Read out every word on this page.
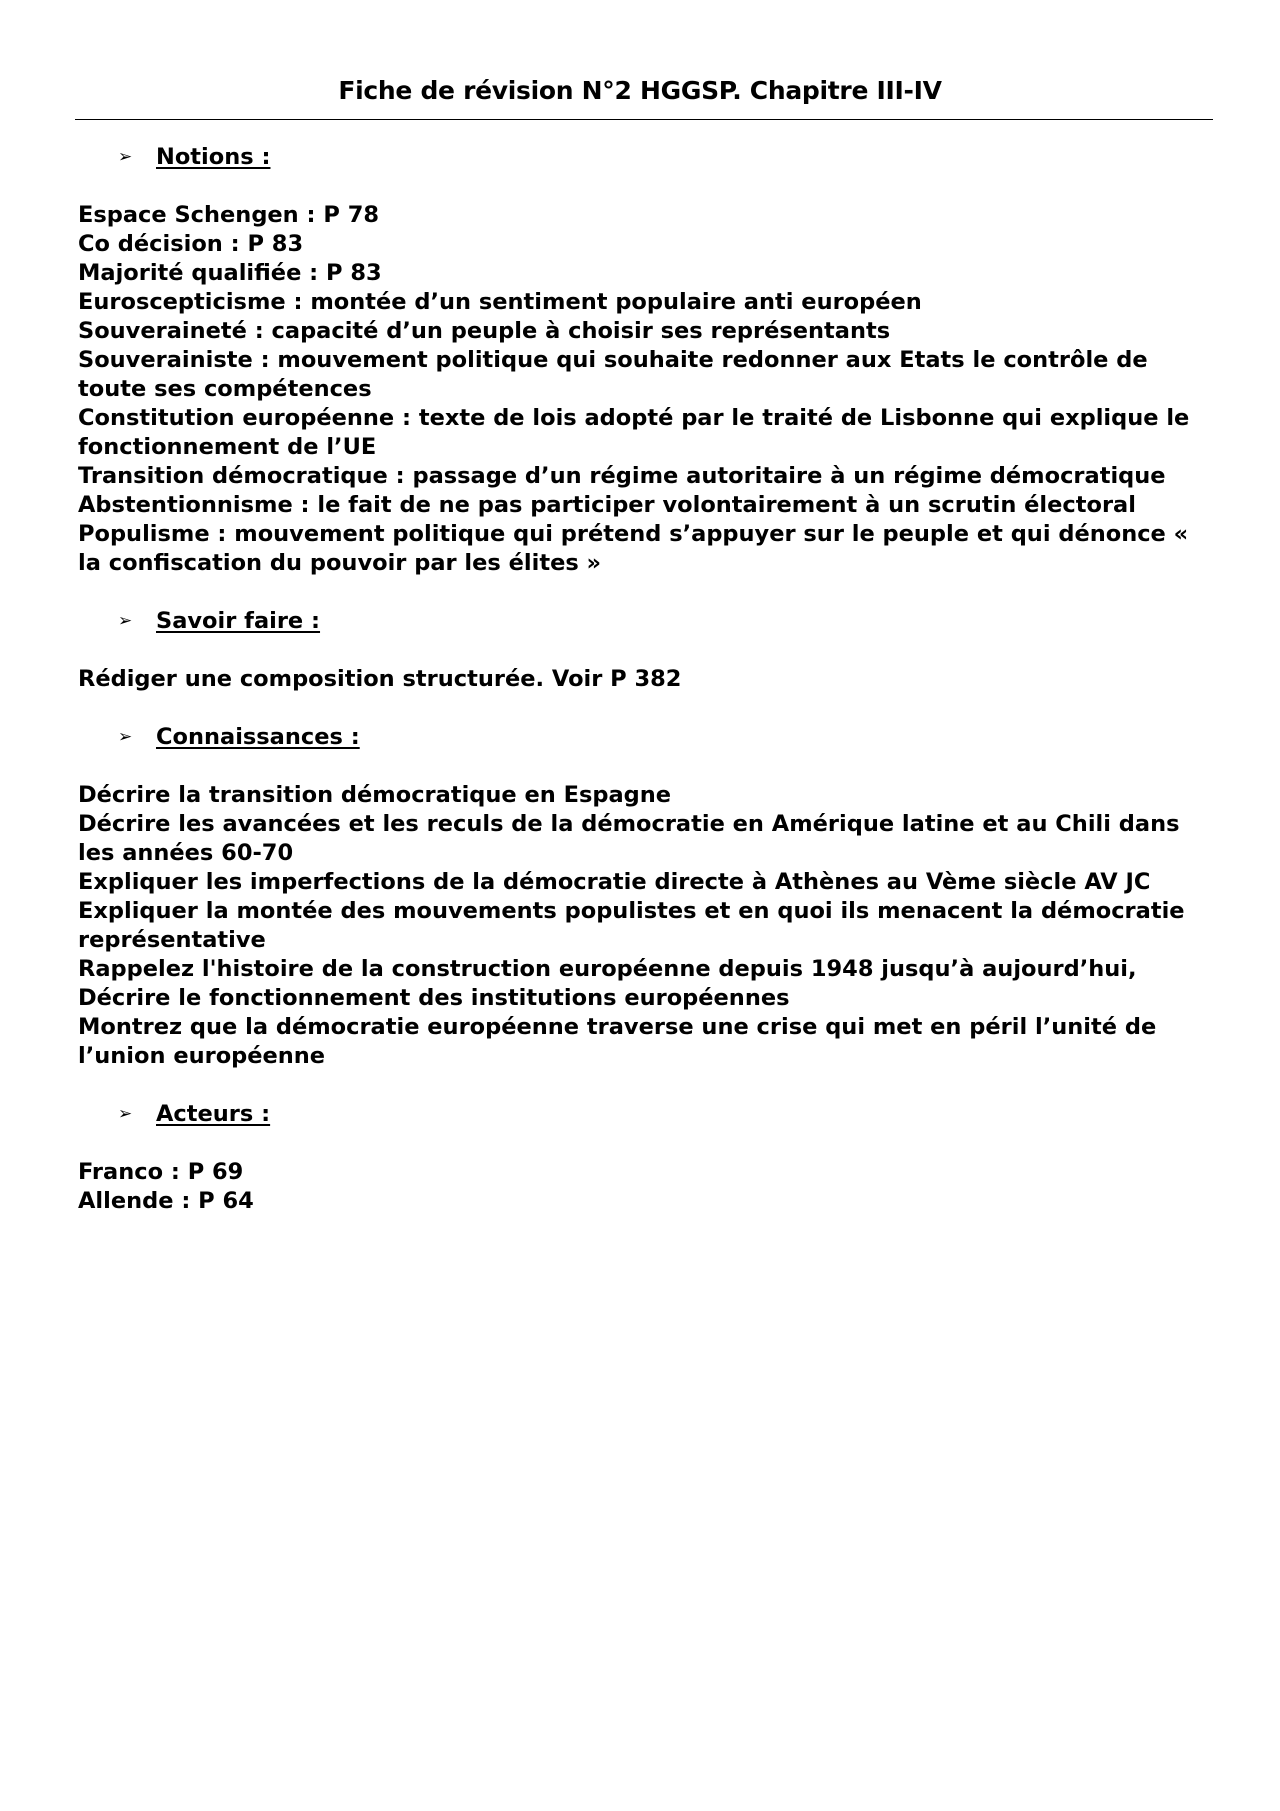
Fiche de révision N°2 HGGSP. Chapitre III-IV
➢	Notions :
Espace Schengen : P 78
Co décision : P 83
Majorité qualifiée : P 83
Euroscepticisme : montée d’un sentiment populaire anti européen
Souveraineté : capacité d’un peuple à choisir ses représentants
Souverainiste : mouvement politique qui souhaite redonner aux Etats le contrôle de toute ses compétences
Constitution européenne : texte de lois adopté par le traité de Lisbonne qui explique le fonctionnement de l’UE
Transition démocratique : passage d’un régime autoritaire à un régime démocratique
Abstentionnisme : le fait de ne pas participer volontairement à un scrutin électoral
Populisme : mouvement politique qui prétend s’appuyer sur le peuple et qui dénonce « la confiscation du pouvoir par les élites »
➢	Savoir faire :
Rédiger une composition structurée. Voir P 382
➢	Connaissances :
Décrire la transition démocratique en Espagne
Décrire les avancées et les reculs de la démocratie en Amérique latine et au Chili dans les années 60-70
Expliquer les imperfections de la démocratie directe à Athènes au Vème siècle AV JC
Expliquer la montée des mouvements populistes et en quoi ils menacent la démocratie représentative
Rappelez l'histoire de la construction européenne depuis 1948 jusqu’à aujourd’hui,
Décrire le fonctionnement des institutions européennes
Montrez que la démocratie européenne traverse une crise qui met en péril l’unité de l’union européenne
➢	Acteurs :
Franco : P 69
Allende : P 64
